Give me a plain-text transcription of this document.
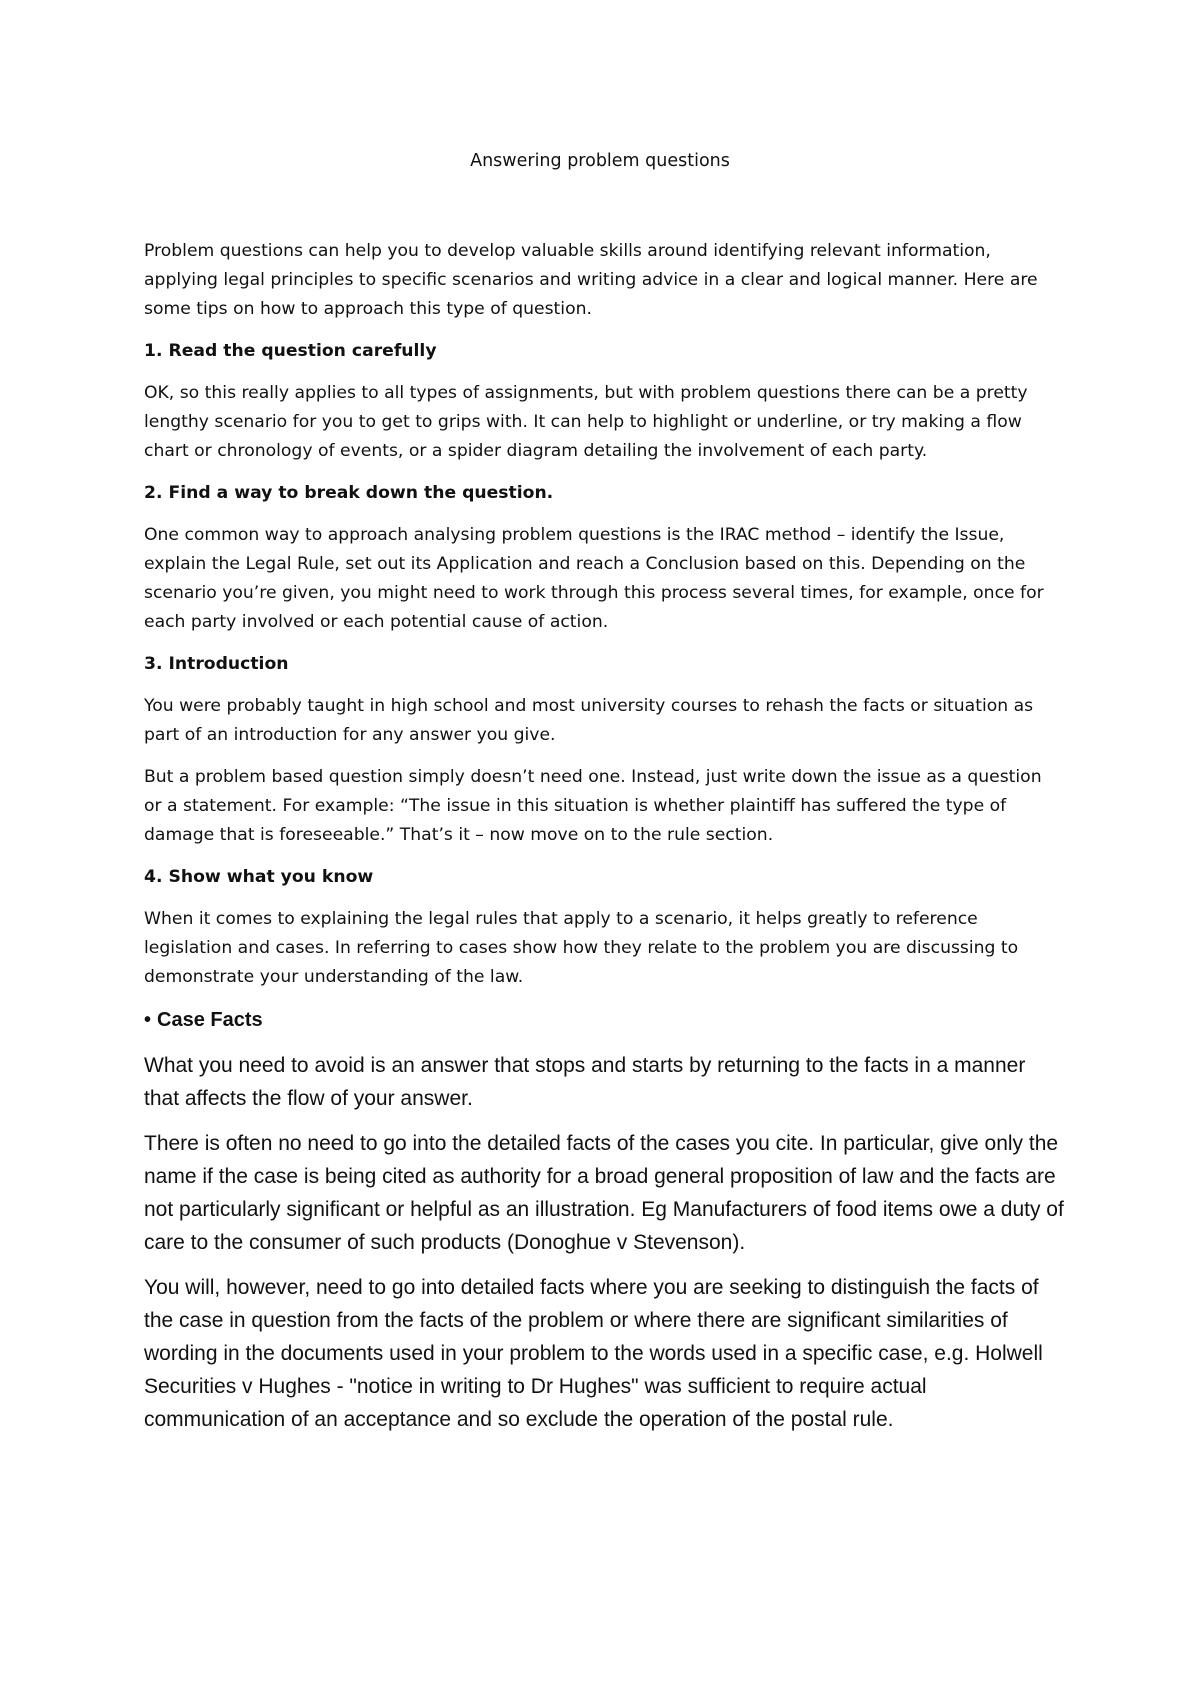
Answering problem questions

Problem questions can help you to develop valuable skills around identifying relevant information, applying legal principles to specific scenarios and writing advice in a clear and logical manner. Here are some tips on how to approach this type of question.

1. Read the question carefully

OK, so this really applies to all types of assignments, but with problem questions there can be a pretty lengthy scenario for you to get to grips with. It can help to highlight or underline, or try making a flow chart or chronology of events, or a spider diagram detailing the involvement of each party.

2. Find a way to break down the question.

One common way to approach analysing problem questions is the IRAC method – identify the Issue, explain the Legal Rule, set out its Application and reach a Conclusion based on this. Depending on the scenario you’re given, you might need to work through this process several times, for example, once for each party involved or each potential cause of action.

3. Introduction

You were probably taught in high school and most university courses to rehash the facts or situation as part of an introduction for any answer you give.

But a problem based question simply doesn’t need one. Instead, just write down the issue as a question or a statement. For example: “The issue in this situation is whether plaintiff has suffered the type of damage that is foreseeable.” That’s it – now move on to the rule section.

4. Show what you know

When it comes to explaining the legal rules that apply to a scenario, it helps greatly to reference legislation and cases. In referring to cases show how they relate to the problem you are discussing to demonstrate your understanding of the law.

• Case Facts

What you need to avoid is an answer that stops and starts by returning to the facts in a manner that affects the flow of your answer.

There is often no need to go into the detailed facts of the cases you cite. In particular, give only the name if the case is being cited as authority for a broad general proposition of law and the facts are not particularly significant or helpful as an illustration. Eg Manufacturers of food items owe a duty of care to the consumer of such products (Donoghue v Stevenson).

You will, however, need to go into detailed facts where you are seeking to distinguish the facts of the case in question from the facts of the problem or where there are significant similarities of wording in the documents used in your problem to the words used in a specific case, e.g. Holwell Securities v Hughes - "notice in writing to Dr Hughes" was sufficient to require actual communication of an acceptance and so exclude the operation of the postal rule.
